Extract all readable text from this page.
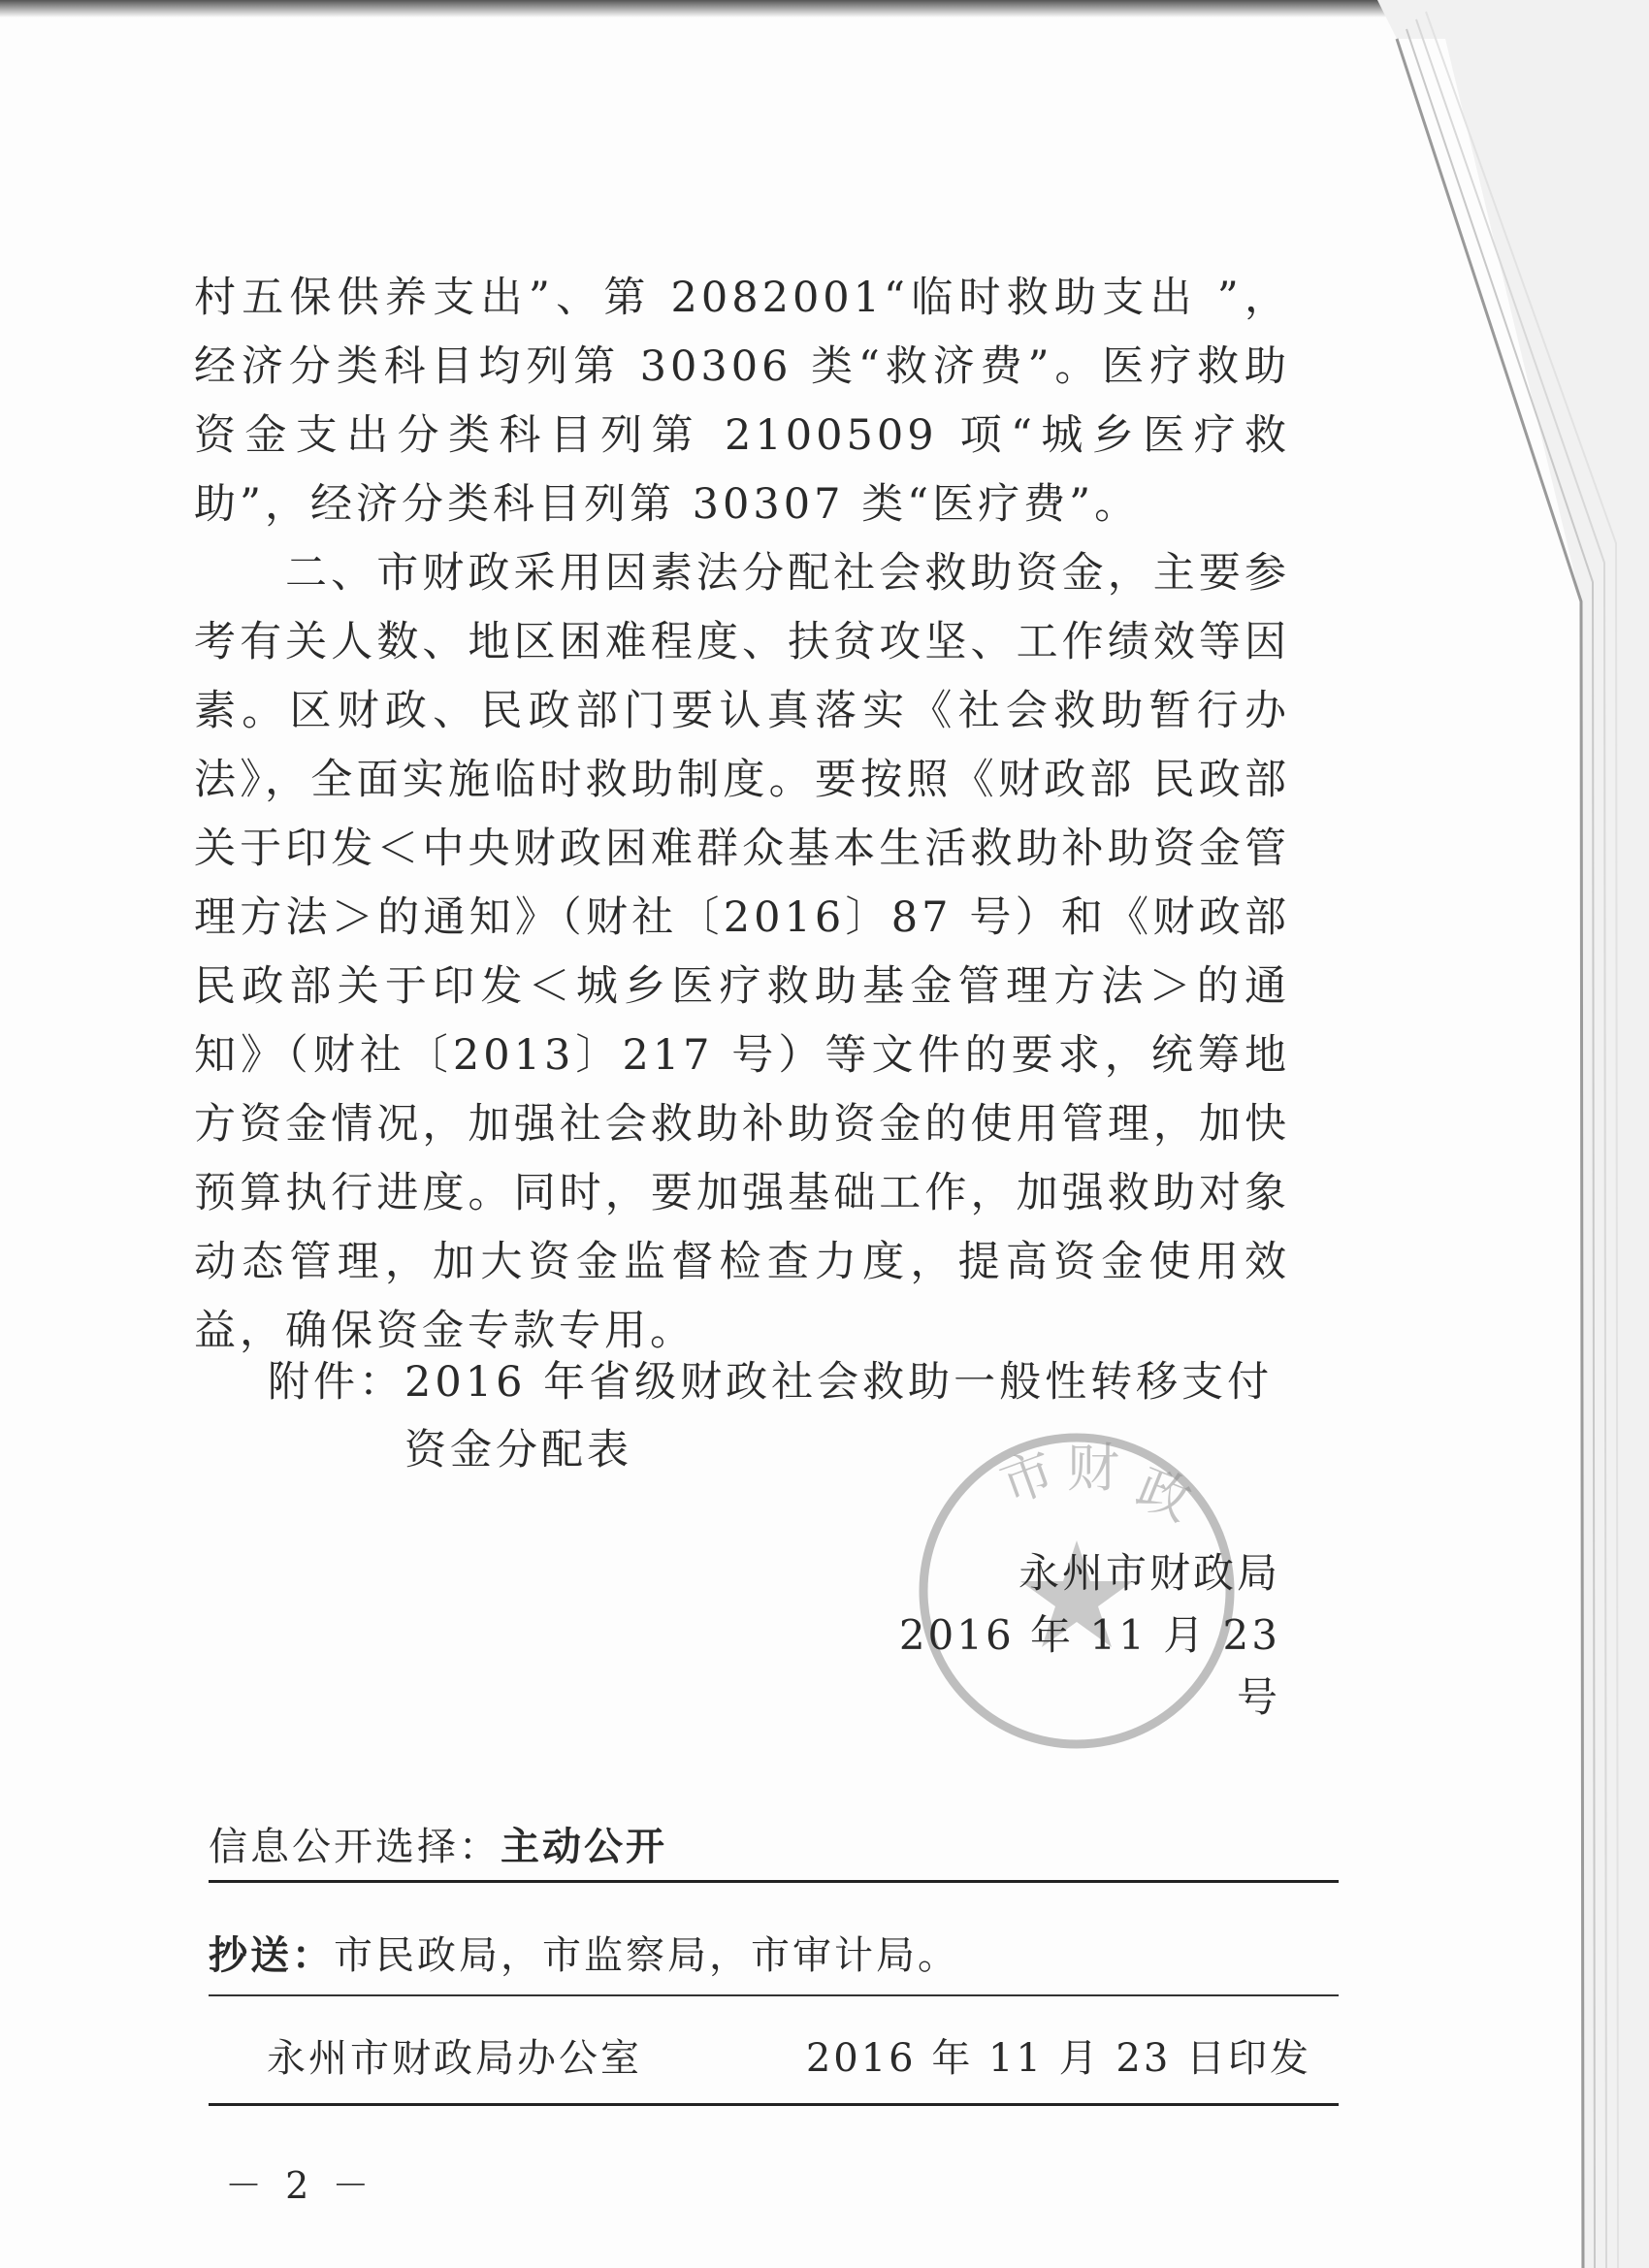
村五保供养支出”、第 2082001“临时救助支出 ”，经济分类科目均列第 30306 类“救济费”。医疗救助资金支出分类科目列第 2100509 项“城乡医疗救助”，经济分类科目列第 30307 类“医疗费”。

二、市财政采用因素法分配社会救助资金，主要参考有关人数、地区困难程度、扶贫攻坚、工作绩效等因素。区财政、民政部门要认真落实《社会救助暂行办法》，全面实施临时救助制度。要按照《财政部 民政部关于印发＜中央财政困难群众基本生活救助补助资金管理方法＞的通知》（财社〔2016〕87 号）和《财政部 民政部关于印发＜城乡医疗救助基金管理方法＞的通知》（财社〔2013〕217 号）等文件的要求，统筹地方资金情况，加强社会救助补助资金的使用管理，加快预算执行进度。同时，要加强基础工作，加强救助对象动态管理，加大资金监督检查力度，提高资金使用效益，确保资金专款专用。

附件： 2016 年省级财政社会救助一般性转移支付资金分配表	市 财 政
永州市财政局
2016 年 11 月 23 号
信息公开选择：主动公开
抄送：市民政局，市监察局，市审计局。
永州市财政局办公室	2016 年 11 月 23 日印发
－ 2 －
